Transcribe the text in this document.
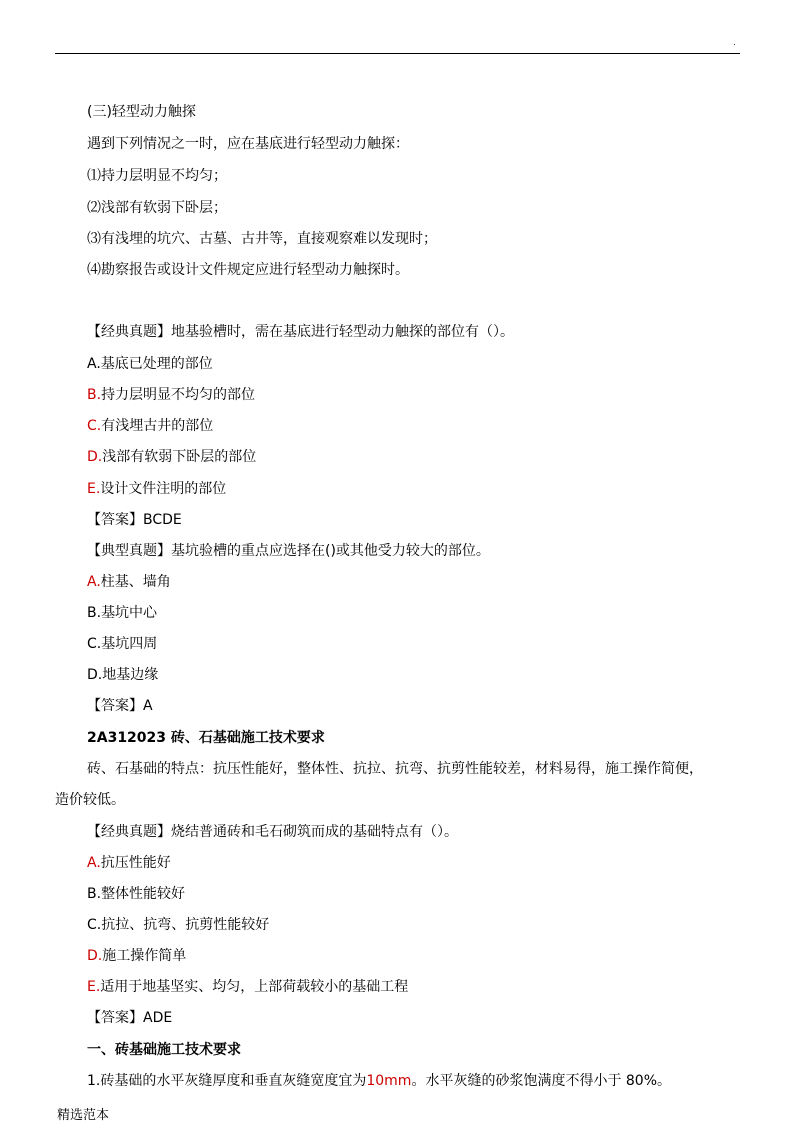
.
(三)轻型动力触探
遇到下列情况之一时，应在基底进行轻型动力触探：
⑴持力层明显不均匀；
⑵浅部有软弱下卧层；
⑶有浅埋的坑穴、古墓、古井等，直接观察难以发现时；
⑷勘察报告或设计文件规定应进行轻型动力触探时。
【经典真题】地基验槽时，需在基底进行轻型动力触探的部位有（）。
A.基底已处理的部位
B.持力层明显不均匀的部位
C.有浅埋古井的部位
D.浅部有软弱下卧层的部位
E.设计文件注明的部位
【答案】BCDE
【典型真题】基坑验槽的重点应选择在()或其他受力较大的部位。
A.柱基、墙角
B.基坑中心
C.基坑四周
D.地基边缘
【答案】A
2A312023 砖、石基础施工技术要求
砖、石基础的特点：抗压性能好，整体性、抗拉、抗弯、抗剪性能较差，材料易得，施工操作简便，
造价较低。
【经典真题】烧结普通砖和毛石砌筑而成的基础特点有（）。
A.抗压性能好
B.整体性能较好
C.抗拉、抗弯、抗剪性能较好
D.施工操作简单
E.适用于地基坚实、均匀，上部荷载较小的基础工程
【答案】ADE
一、砖基础施工技术要求
1.砖基础的水平灰缝厚度和垂直灰缝宽度宜为10mm。水平灰缝的砂浆饱满度不得小于 80%。
精选范本
